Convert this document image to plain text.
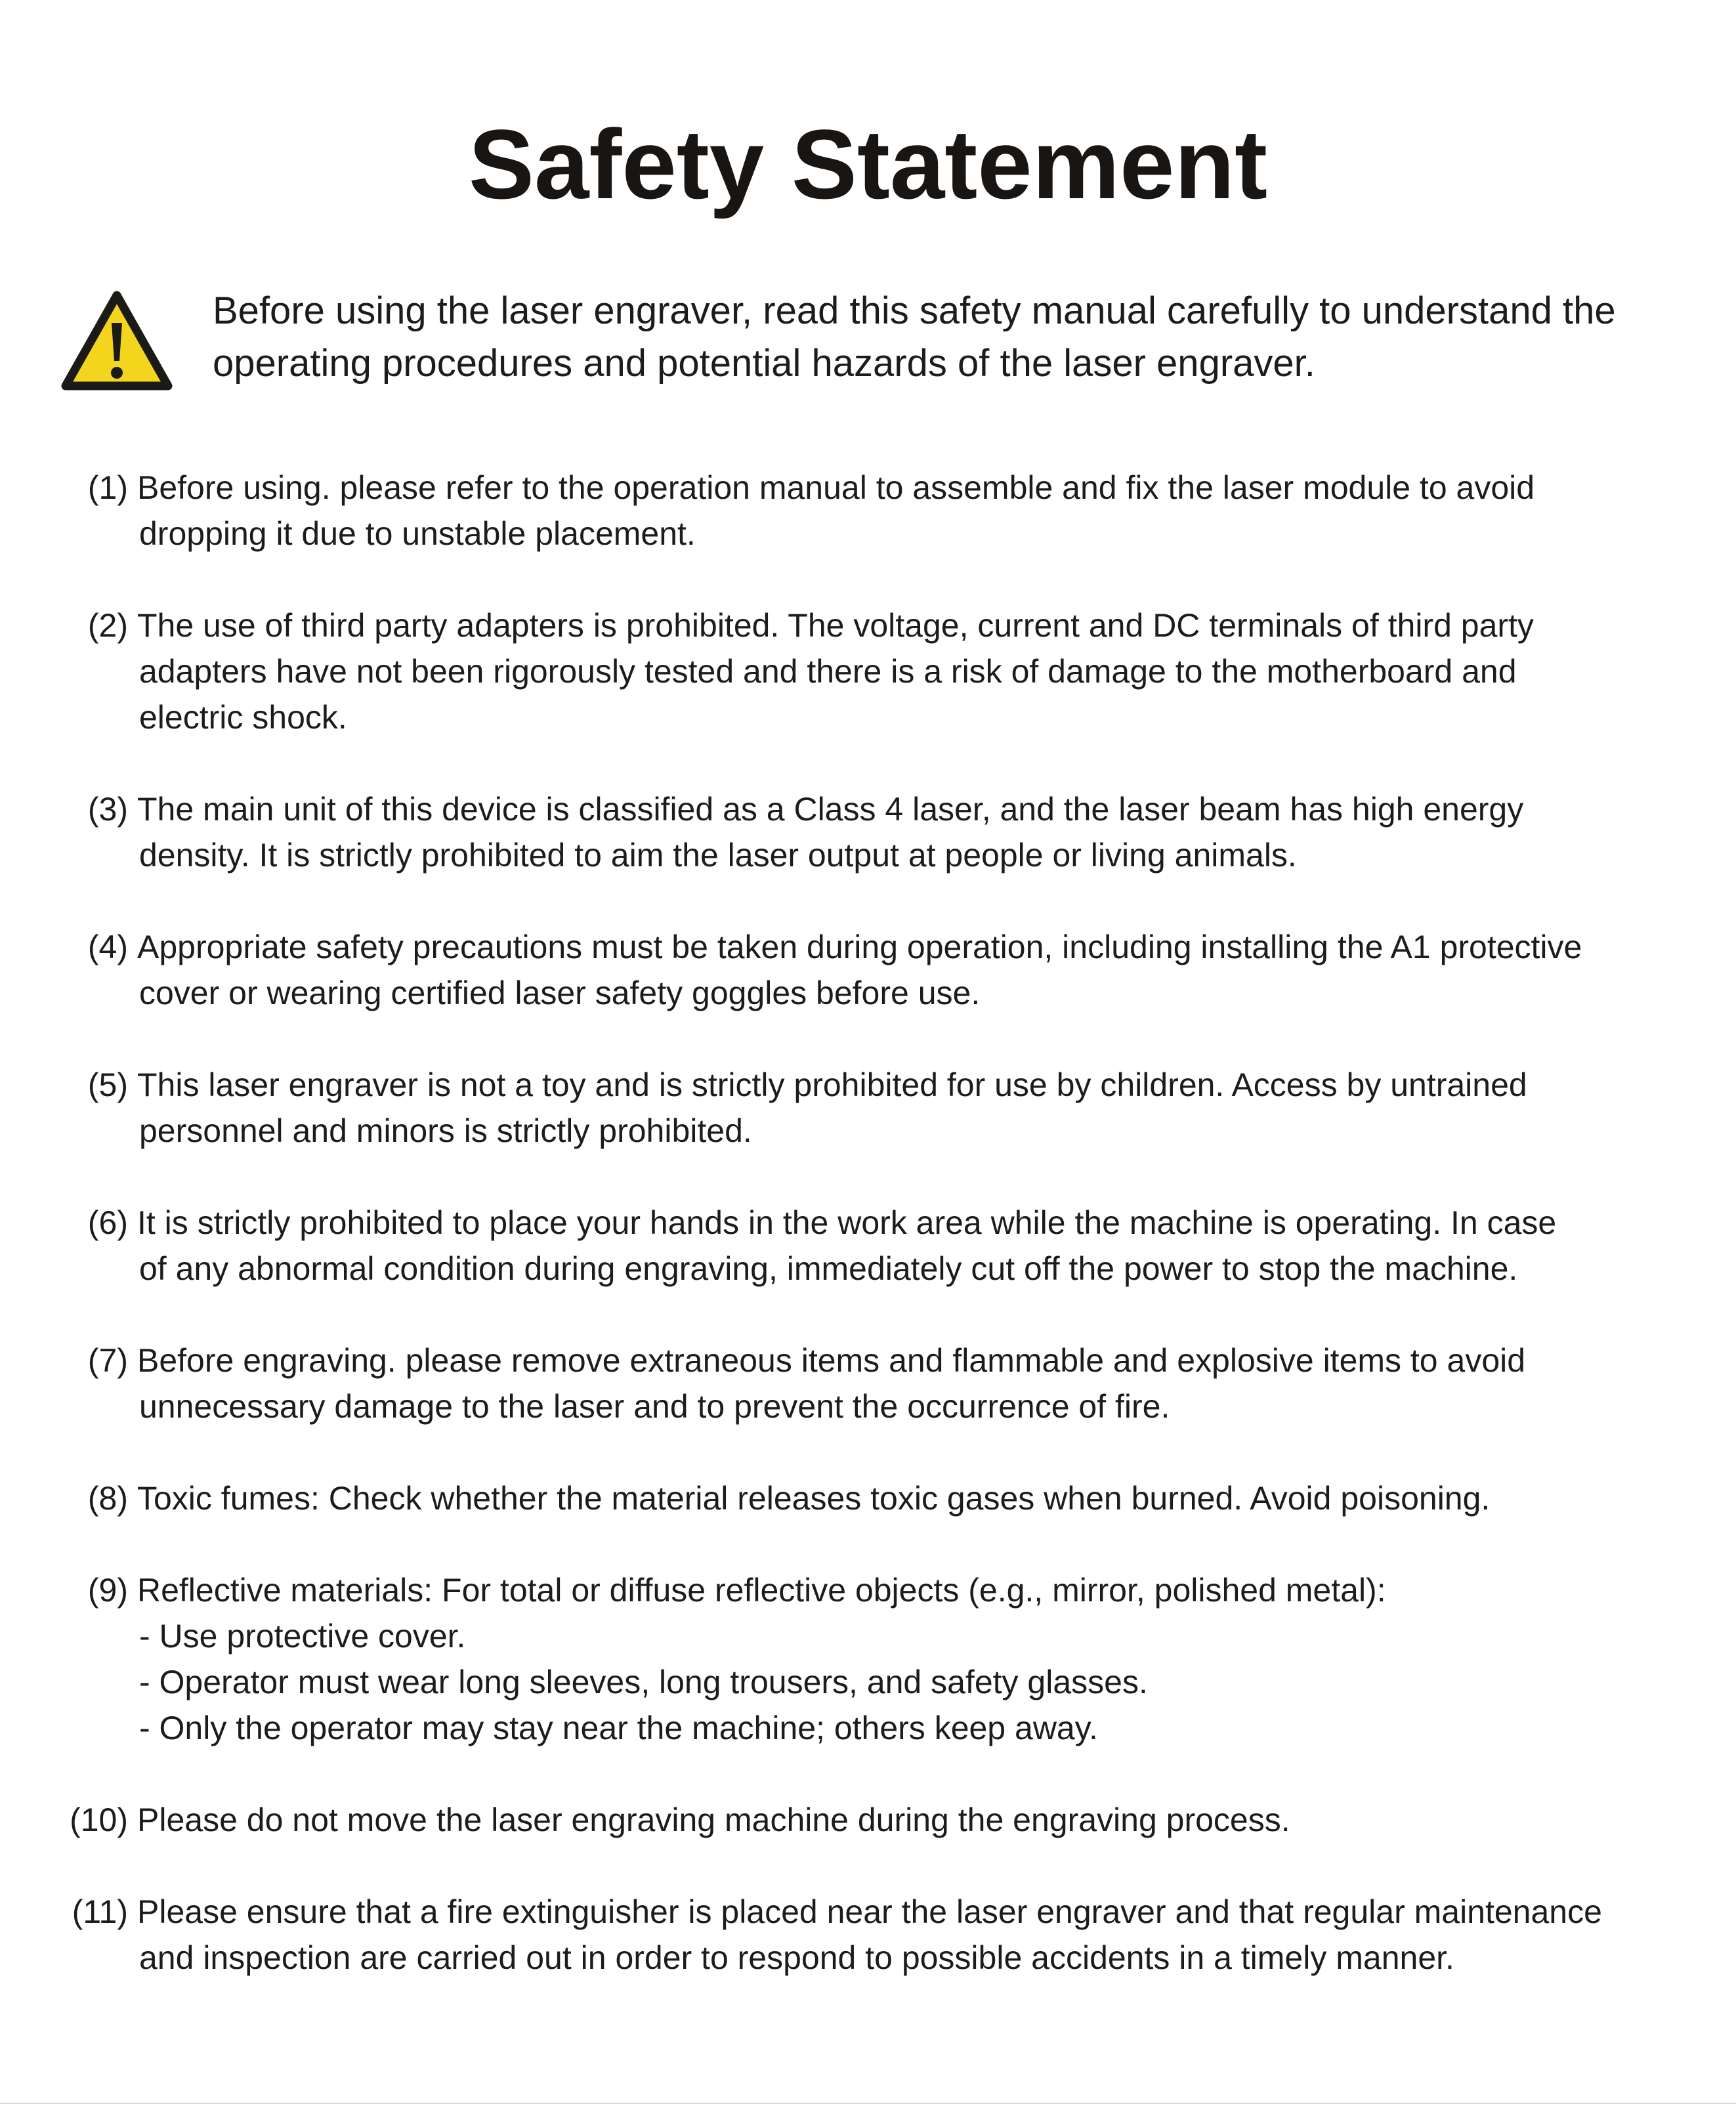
Safety Statement
Before using the laser engraver, read this safety manual carefully to understand the
operating procedures and potential hazards of the laser engraver.
(1) Before using. please refer to the operation manual to assemble and fix the laser module to avoid
dropping it due to unstable placement.
(2) The use of third party adapters is prohibited. The voltage, current and DC terminals of third party
adapters have not been rigorously tested and there is a risk of damage to the motherboard and
electric shock.
(3) The main unit of this device is classified as a Class 4 laser, and the laser beam has high energy
density. It is strictly prohibited to aim the laser output at people or living animals.
(4) Appropriate safety precautions must be taken during operation, including installing the A1 protective
cover or wearing certified laser safety goggles before use.
(5) This laser engraver is not a toy and is strictly prohibited for use by children. Access by untrained
personnel and minors is strictly prohibited.
(6) It is strictly prohibited to place your hands in the work area while the machine is operating. In case
of any abnormal condition during engraving, immediately cut off the power to stop the machine.
(7) Before engraving. please remove extraneous items and flammable and explosive items to avoid
unnecessary damage to the laser and to prevent the occurrence of fire.
(8) Toxic fumes: Check whether the material releases toxic gases when burned. Avoid poisoning.
(9) Reflective materials: For total or diffuse reflective objects (e.g., mirror, polished metal):
- Use protective cover.
- Operator must wear long sleeves, long trousers, and safety glasses.
- Only the operator may stay near the machine; others keep away.
(10) Please do not move the laser engraving machine during the engraving process.
(11) Please ensure that a fire extinguisher is placed near the laser engraver and that regular maintenance
and inspection are carried out in order to respond to possible accidents in a timely manner.
